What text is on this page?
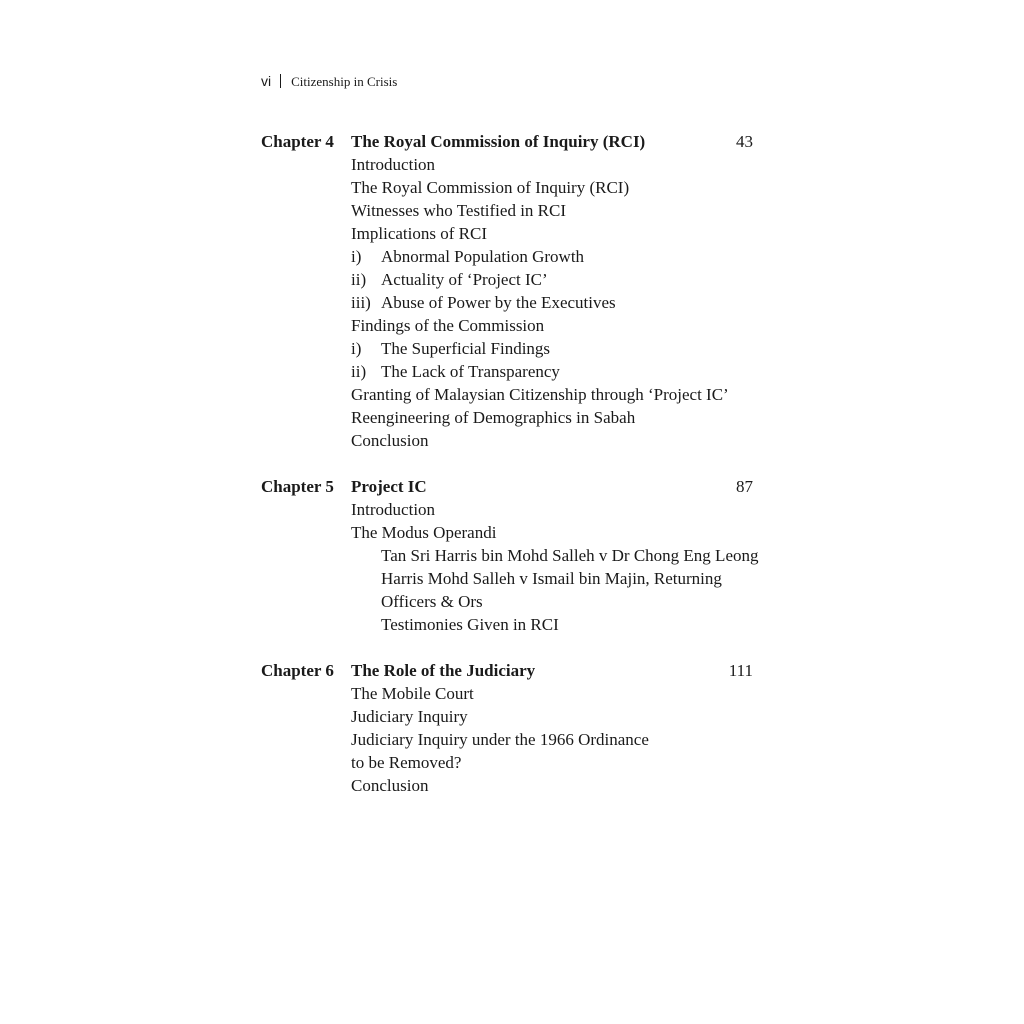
vi Citizenship in Crisis
Chapter 4 The Royal Commission of Inquiry (RCI)	43
Introduction
The Royal Commission of Inquiry (RCI)
Witnesses who Testified in RCI
Implications of RCI
i) Abnormal Population Growth
ii) Actuality of ‘Project IC’
iii) Abuse of Power by the Executives
Findings of the Commission
i) The Superficial Findings
ii) The Lack of Transparency
Granting of Malaysian Citizenship through ‘Project IC’
Reengineering of Demographics in Sabah
Conclusion
Chapter 5 Project IC	87
Introduction
The Modus Operandi
Tan Sri Harris bin Mohd Salleh v Dr Chong Eng Leong
Harris Mohd Salleh v Ismail bin Majin, Returning
Officers & Ors
Testimonies Given in RCI
Chapter 6 The Role of the Judiciary	111
The Mobile Court
Judiciary Inquiry
Judiciary Inquiry under the 1966 Ordinance
to be Removed?
Conclusion
